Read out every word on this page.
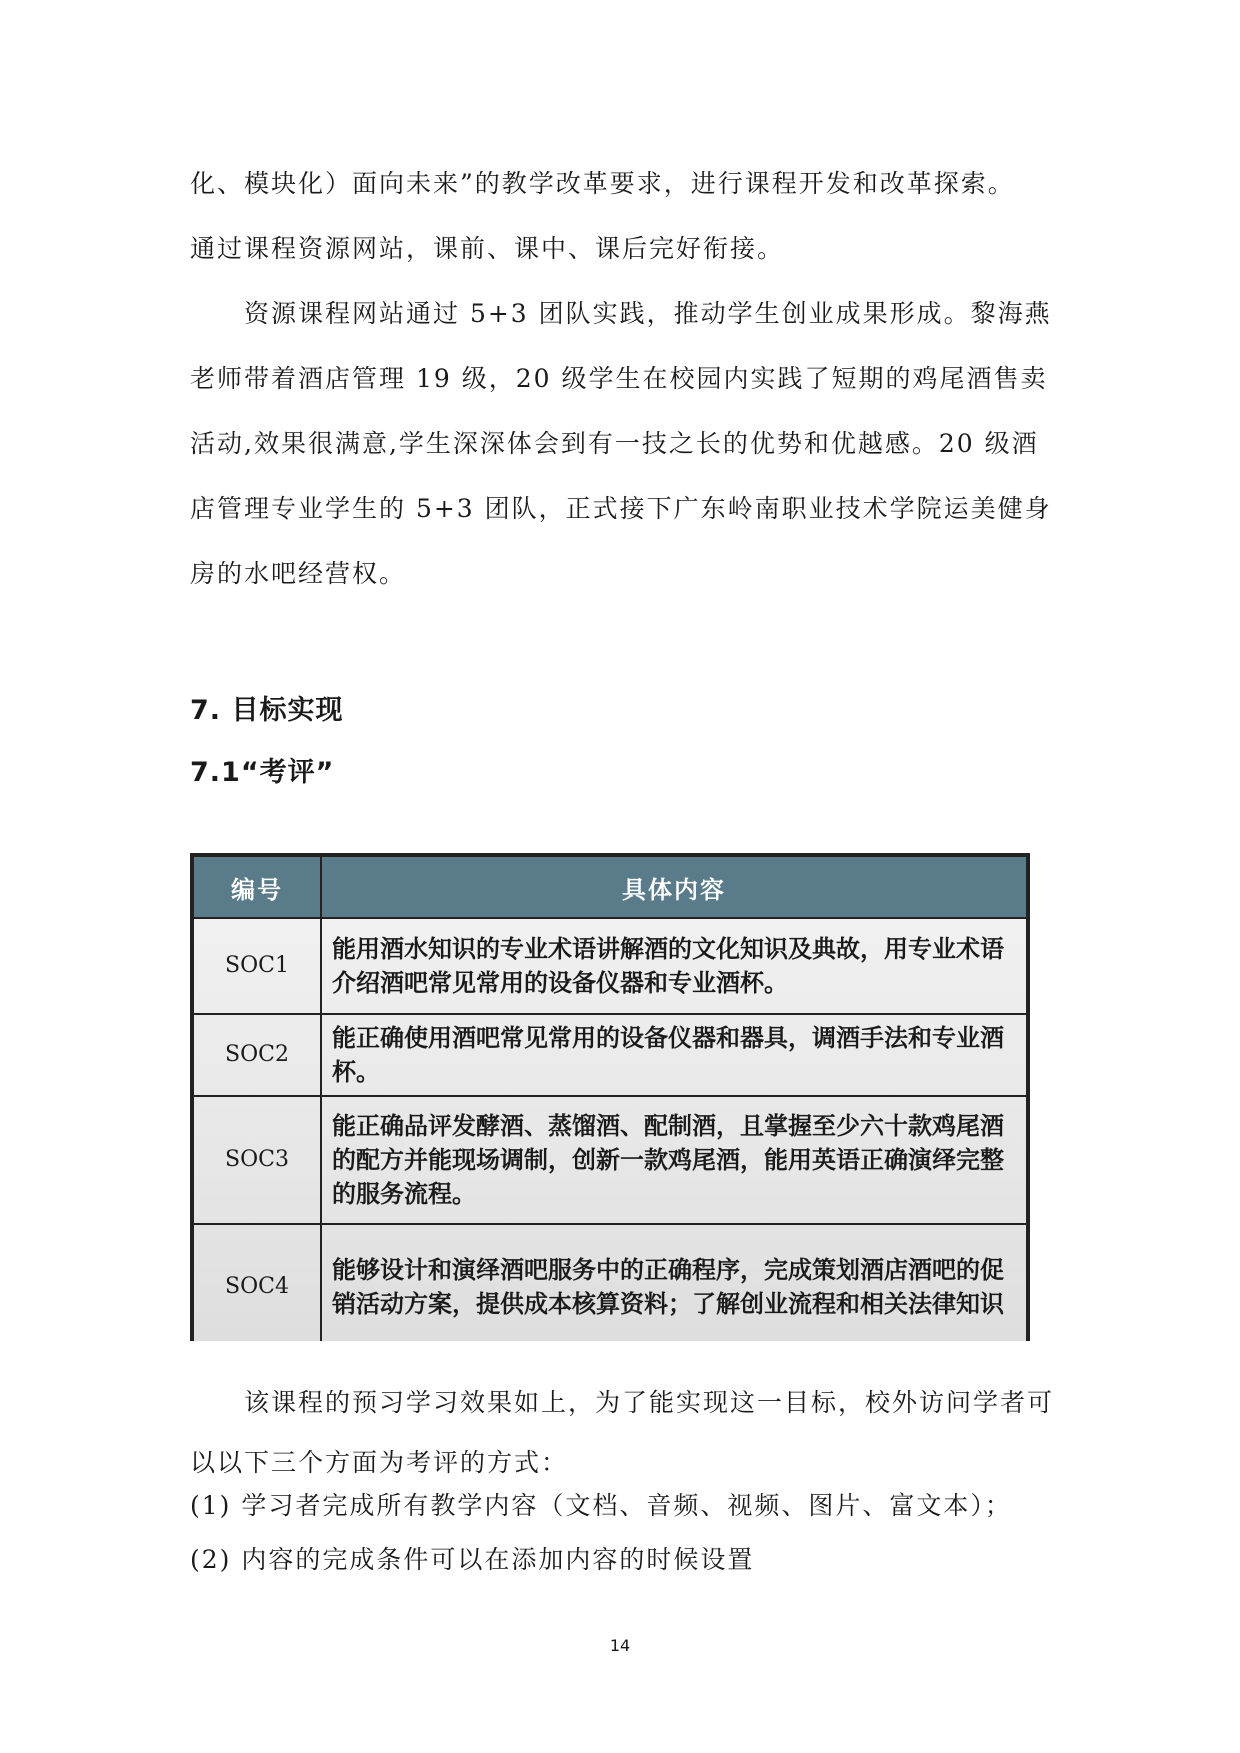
化、模块化）面向未来”的教学改革要求，进行课程开发和改革探索。

通过课程资源网站，课前、课中、课后完好衔接。

资源课程网站通过 5+3 团队实践，推动学生创业成果形成。黎海燕老师带着酒店管理 19 级，20 级学生在校园内实践了短期的鸡尾酒售卖活动,效果很满意,学生深深体会到有一技之长的优势和优越感。20 级酒店管理专业学生的 5+3 团队，正式接下广东岭南职业技术学院运美健身房的水吧经营权。

7. 目标实现
7.1“考评”
编号	具体内容
SOC1	能用酒水知识的专业术语讲解酒的文化知识及典故，用专业术语介绍酒吧常见常用的设备仪器和专业酒杯。
SOC2	能正确使用酒吧常见常用的设备仪器和器具，调酒手法和专业酒杯。
SOC3	能正确品评发酵酒、蒸馏酒、配制酒，且掌握至少六十款鸡尾酒的配方并能现场调制，创新一款鸡尾酒，能用英语正确演绎完整的服务流程。
SOC4	能够设计和演绎酒吧服务中的正确程序，完成策划酒店酒吧的促销活动方案，提供成本核算资料；了解创业流程和相关法律知识

该课程的预习学习效果如上，为了能实现这一目标，校外访问学者可以以下三个方面为考评的方式：

(1) 学习者完成所有教学内容（文档、音频、视频、图片、富文本）；

(2) 内容的完成条件可以在添加内容的时候设置

14
